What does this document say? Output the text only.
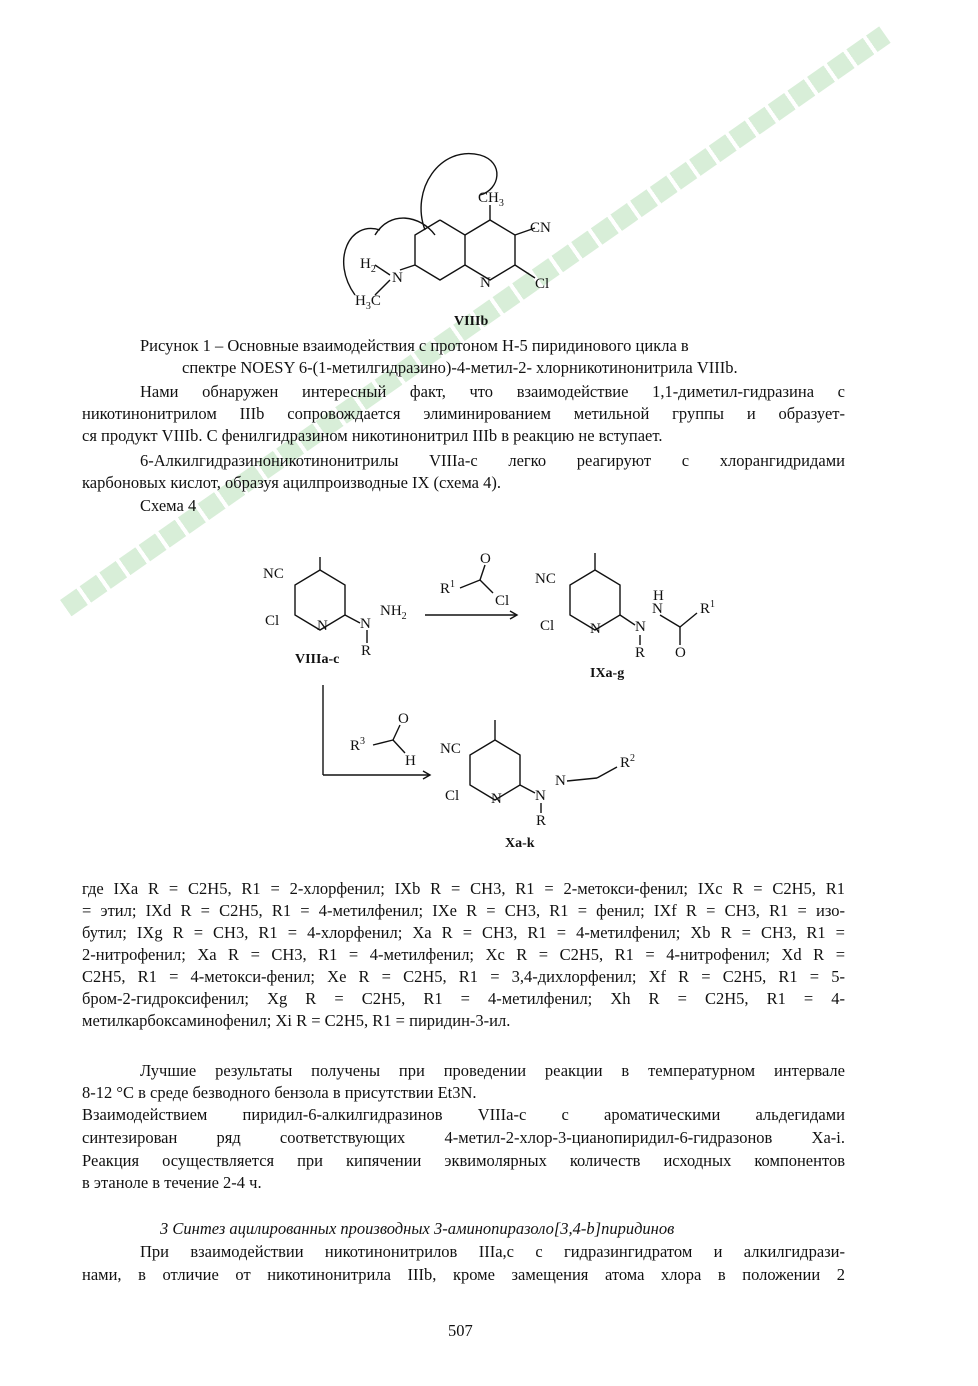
$CH_3$
CN
$H_2$
N
$H_3C$
N	Cl
VIIIb
Рисунок 1 – Основные взаимодействия с протоном Н-5 пиридинового цикла в
спектре NOESY 6-(1-метилгидразино)-4-метил-2- хлорникотинонитрила VIIIb.
Нами обнаружен интересный факт, что взаимодействие 1,1-диметил-гидразина с
никотинонитрилом IIIb сопровождается элиминированием метильной группы и образует-
ся продукт VIIIb. С фенилгидразином никотинонитрил IIIb в реакцию не вступает.
6-Алкилгидразиноникотинонитрилы VIIIa-c легко реагируют с хлорангидридами
карбоновых кислот, образуя ацилпроизводные IX (схема 4).
Схема 4
NC
Cl	N N
$NH_2$
R
VIIIa-c
$R^1$
O
Cl
NC
Cl N N
N
H
O
$R^1$
R
IXa-g
$R^3$
O
H
NC
Cl N N
N
$R^2$
R
Xa-k
где IXa R = C2H5, R1 = 2-хлорфенил; IXb R = CH3, R1 = 2-метокси-фенил; IXc R = C2H5, R1
= этил; IXd R = C2H5, R1 = 4-метилфенил; IXe R = CH3, R1 = фенил; IXf R = CH3, R1 = изо-
бутил; IXg R = CH3, R1 = 4-хлорфенил; Xa R = CH3, R1 = 4-метилфенил; Xb R = CH3, R1 =
2-нитрофенил; Xa R = CH3, R1 = 4-метилфенил; Xc R = C2H5, R1 = 4-нитрофенил; Xd R =
C2H5, R1 = 4-метокси-фенил; Xe R = C2H5, R1 = 3,4-дихлорфенил; Xf R = C2H5, R1 = 5-
бром-2-гидроксифенил; Xg R = C2H5, R1 = 4-метилфенил; Xh R = C2H5, R1 = 4-
метилкарбоксаминофенил; Xi R = C2H5, R1 = пиридин-3-ил.
Лучшие результаты получены при проведении реакции в температурном интервале
8-12 °С в среде безводного бензола в присутствии Et3N.
Взаимодействием пиридил-6-алкилгидразинов VIIIa-c с ароматическими альдегидами
синтезирован ряд соответствующих 4-метил-2-хлор-3-цианопиридил-6-гидразонов Xa-i.
Реакция осуществляется при кипячении эквимолярных количеств исходных компонентов
в этаноле в течение 2-4 ч.
3 Синтез ацилированных производных 3-аминопиразоло[3,4-b]пиридинов
При взаимодействии никотинонитрилов IIIa,c с гидразингидратом и алкилгидрази-
нами, в отличие от никотинонитрила IIIb, кроме замещения атома хлора в положении 2
507
